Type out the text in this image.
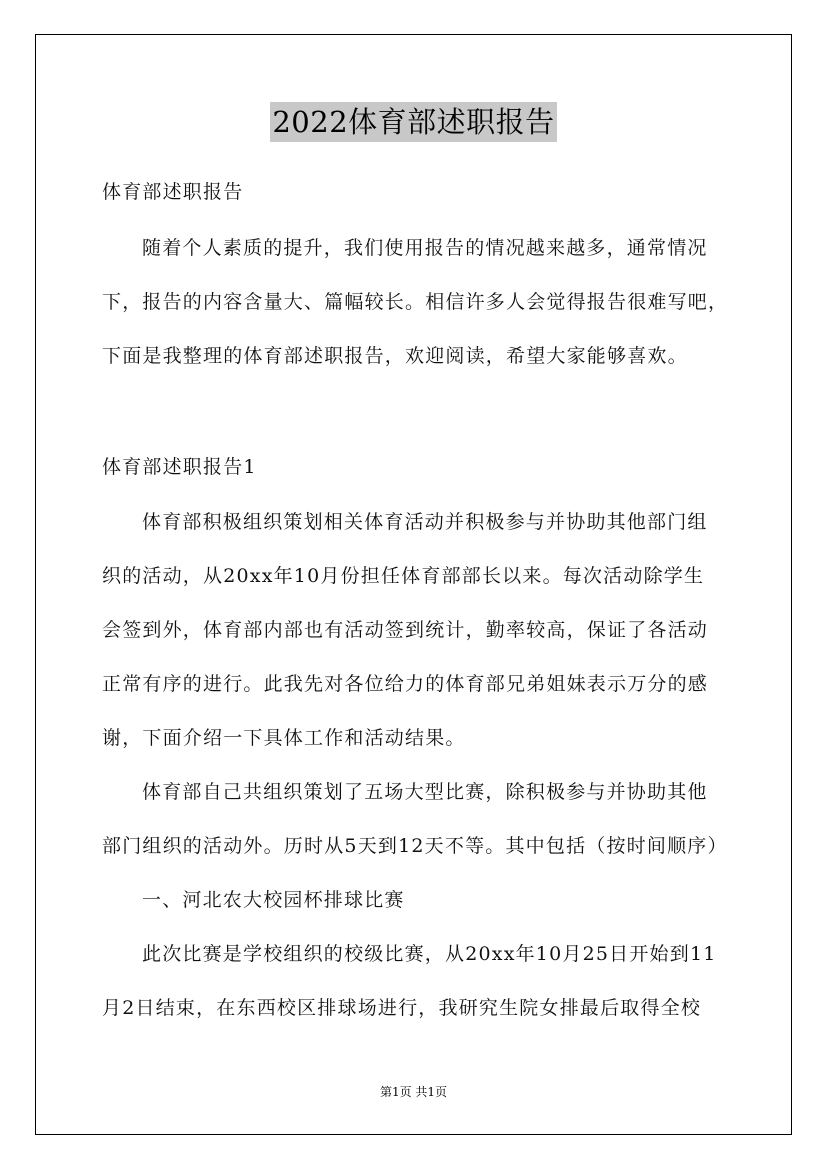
2022体育部述职报告
体育部述职报告
随着个人素质的提升，我们使用报告的情况越来越多，通常情况
下，报告的内容含量大、篇幅较长。相信许多人会觉得报告很难写吧，
下面是我整理的体育部述职报告，欢迎阅读，希望大家能够喜欢。
体育部述职报告1
体育部积极组织策划相关体育活动并积极参与并协助其他部门组
织的活动，从20xx年10月份担任体育部部长以来。每次活动除学生
会签到外，体育部内部也有活动签到统计，勤率较高，保证了各活动
正常有序的进行。此我先对各位给力的体育部兄弟姐妹表示万分的感
谢，下面介绍一下具体工作和活动结果。
体育部自己共组织策划了五场大型比赛，除积极参与并协助其他
部门组织的活动外。历时从5天到12天不等。其中包括（按时间顺序）
一、河北农大校园杯排球比赛
此次比赛是学校组织的校级比赛，从20xx年10月25日开始到11
月2日结束，在东西校区排球场进行，我研究生院女排最后取得全校
第1页 共1页
